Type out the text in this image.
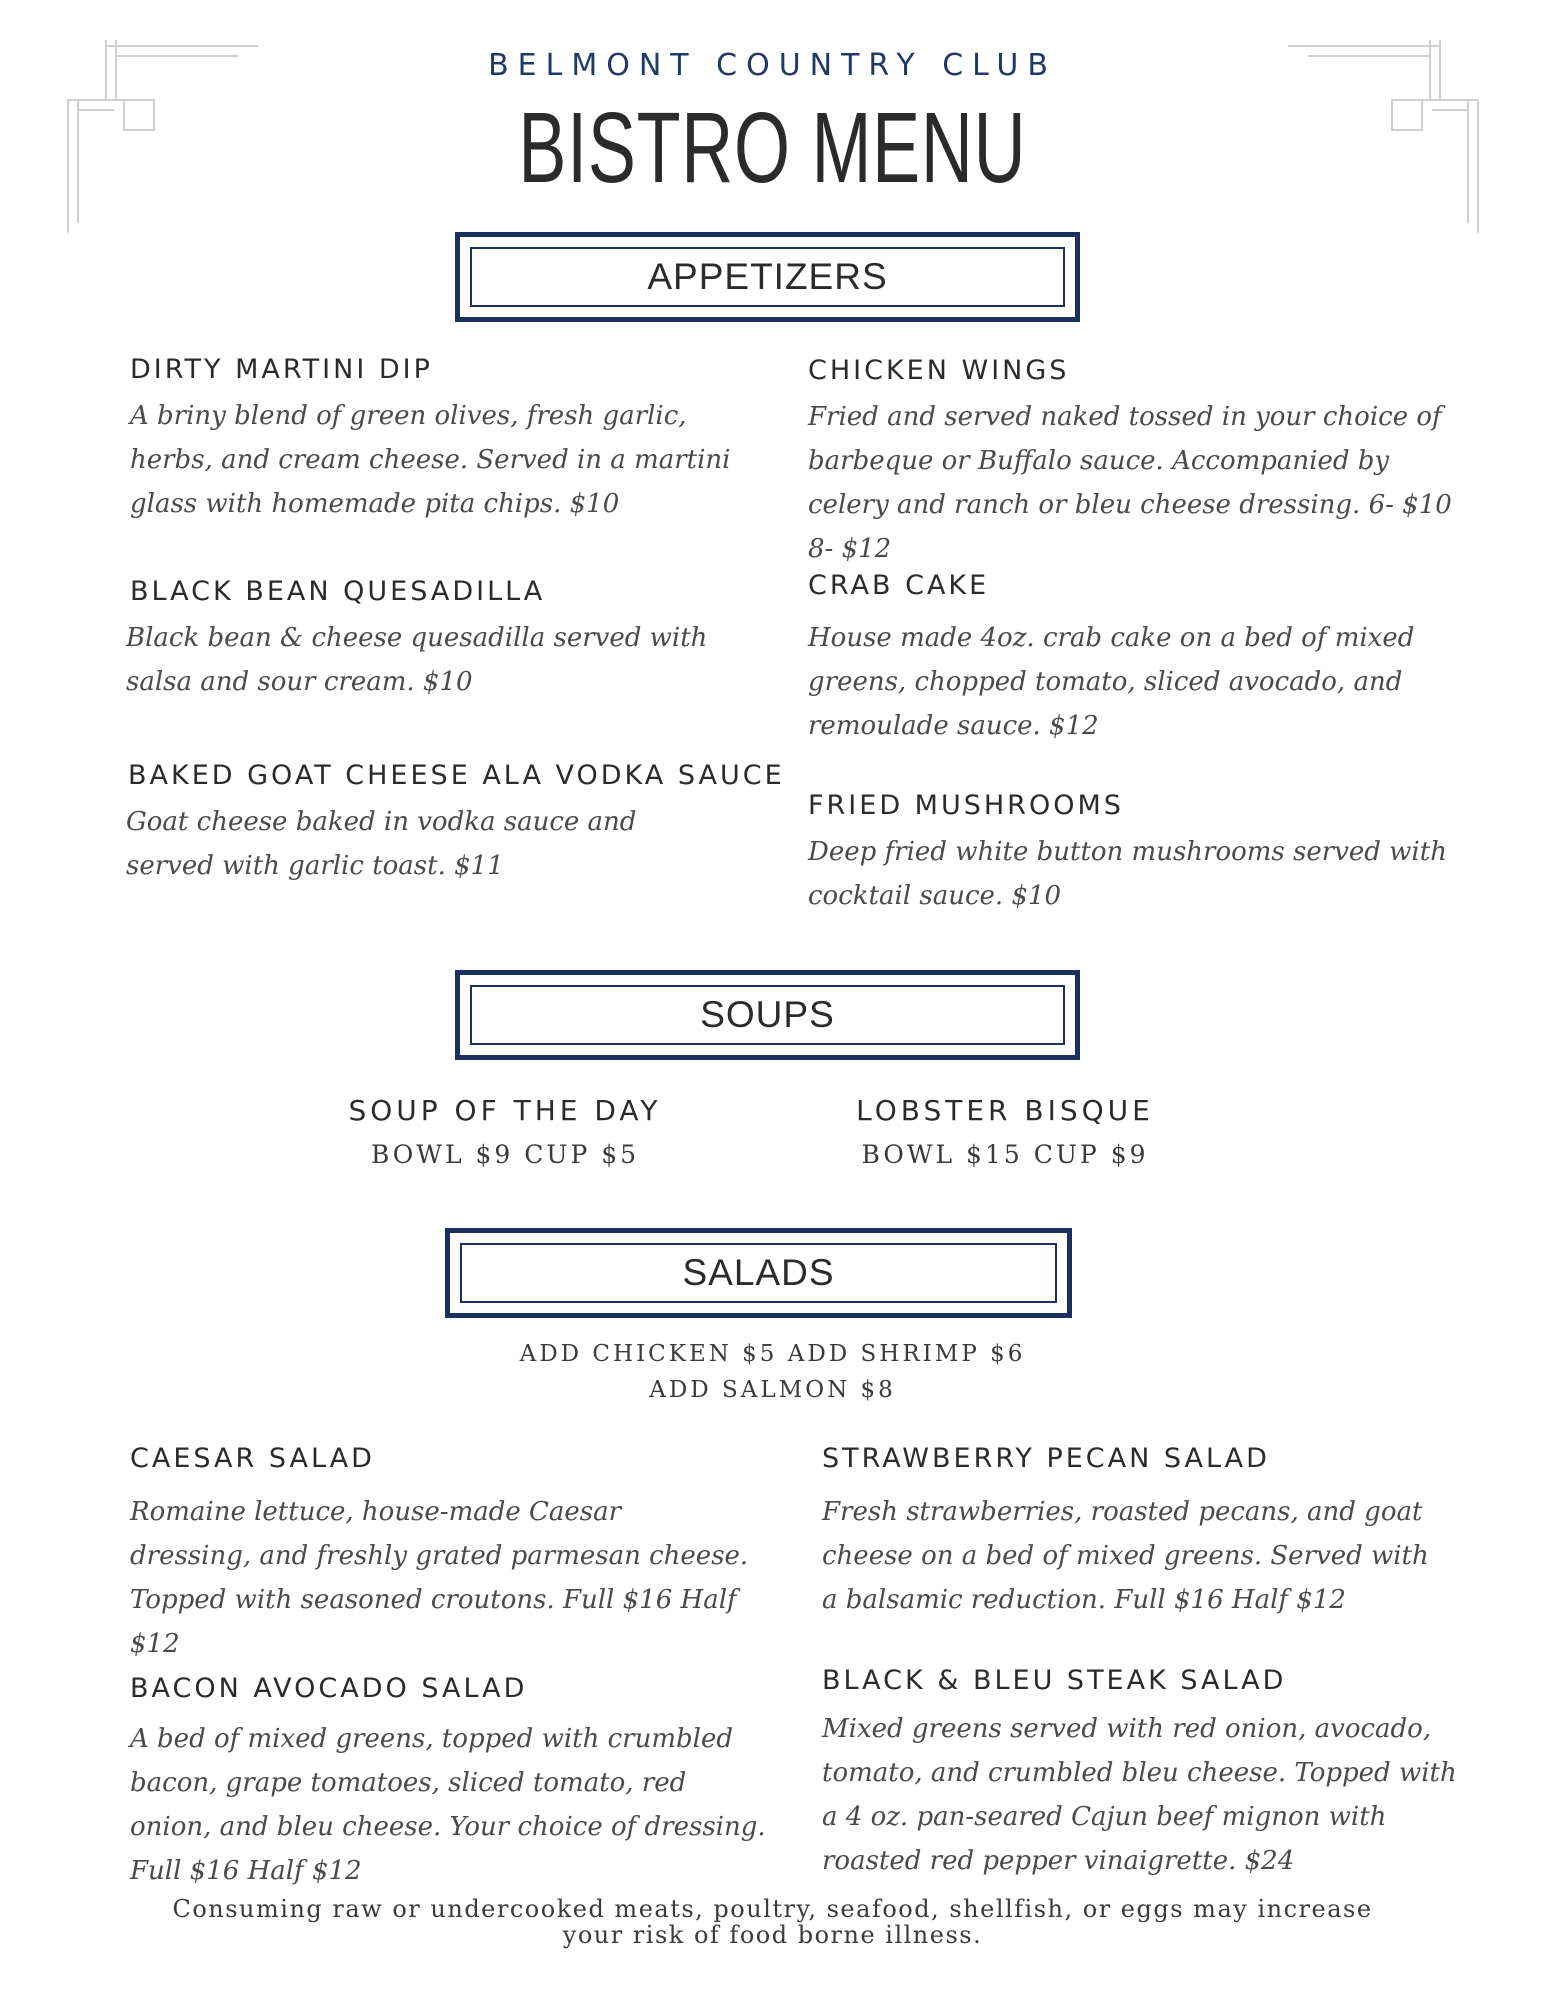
BELMONT COUNTRY CLUB
BISTRO MENU
APPETIZERS
DIRTY MARTINI DIP
A briny blend of green olives, fresh garlic, herbs, and cream cheese. Served in a martini glass with homemade pita chips. $10
BLACK BEAN QUESADILLA
Black bean & cheese quesadilla served with salsa and sour cream. $10
BAKED GOAT CHEESE ALA VODKA SAUCE
Goat cheese baked in vodka sauce and served with garlic toast. $11
CHICKEN WINGS
Fried and served naked tossed in your choice of barbeque or Buffalo sauce. Accompanied by celery and ranch or bleu cheese dressing. 6- $10 8- $12
CRAB CAKE
House made 4oz. crab cake on a bed of mixed greens, chopped tomato, sliced avocado, and remoulade sauce. $12
FRIED MUSHROOMS
Deep fried white button mushrooms served with cocktail sauce. $10
SOUPS
SOUP OF THE DAY
BOWL $9 CUP $5
LOBSTER BISQUE
BOWL $15 CUP $9
SALADS
ADD CHICKEN $5 ADD SHRIMP $6
ADD SALMON $8
CAESAR SALAD
Romaine lettuce, house-made Caesar dressing, and freshly grated parmesan cheese. Topped with seasoned croutons. Full $16 Half $12
BACON AVOCADO SALAD
A bed of mixed greens, topped with crumbled bacon, grape tomatoes, sliced tomato, red onion, and bleu cheese. Your choice of dressing. Full $16 Half $12
STRAWBERRY PECAN SALAD
Fresh strawberries, roasted pecans, and goat cheese on a bed of mixed greens. Served with a balsamic reduction. Full $16 Half $12
BLACK & BLEU STEAK SALAD
Mixed greens served with red onion, avocado, tomato, and crumbled bleu cheese. Topped with a 4 oz. pan-seared Cajun beef mignon with roasted red pepper vinaigrette. $24
Consuming raw or undercooked meats, poultry, seafood, shellfish, or eggs may increase
your risk of food borne illness.
